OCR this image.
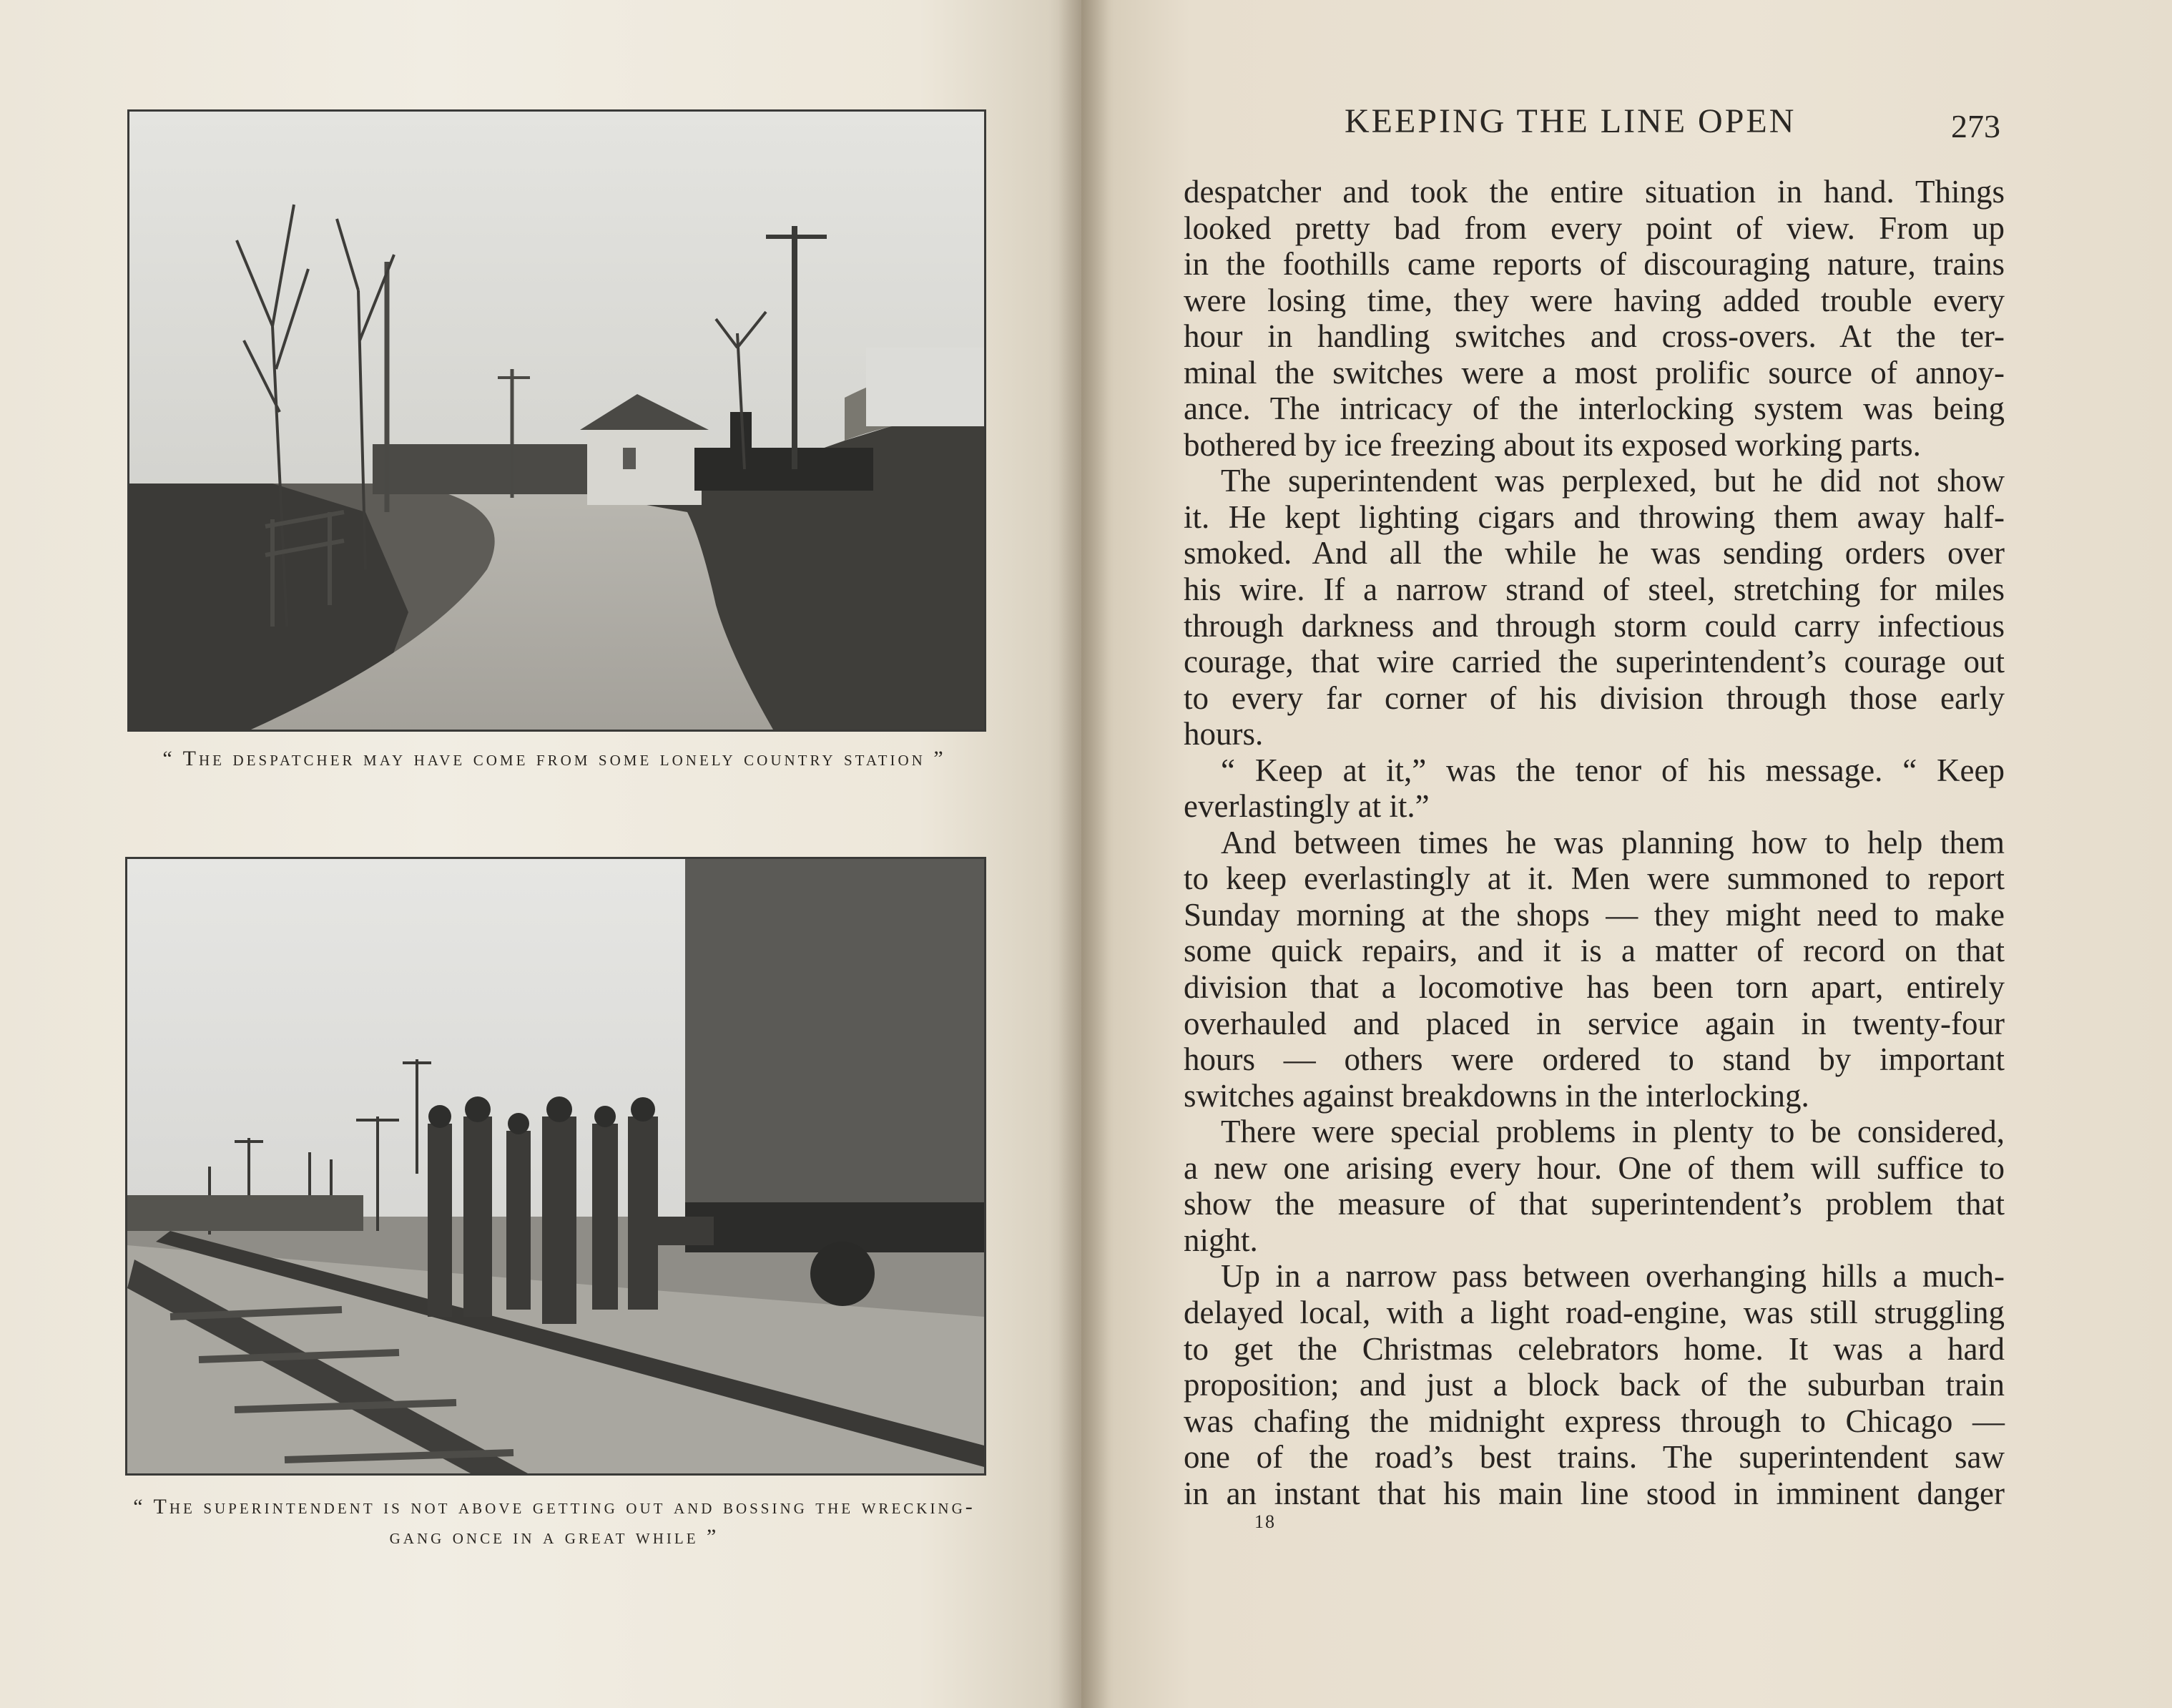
“ The despatcher may have come from some lonely country station ”
“ The superintendent is not above getting out and bossing the wrecking-gang once in a great while ”
KEEPING THE LINE OPEN	273
despatcher and took the entire situation in hand. Things
looked pretty bad from every point of view. From up
in the foothills came reports of discouraging nature, trains
were losing time, they were having added trouble every
hour in handling switches and cross-overs. At the ter-
minal the switches were a most prolific source of annoy-
ance. The intricacy of the interlocking system was being
bothered by ice freezing about its exposed working parts.
The superintendent was perplexed, but he did not show
it. He kept lighting cigars and throwing them away half-
smoked. And all the while he was sending orders over
his wire. If a narrow strand of steel, stretching for miles
through darkness and through storm could carry infectious
courage, that wire carried the superintendent’s courage out
to every far corner of his division through those early
hours.
“ Keep at it,” was the tenor of his message. “ Keep
everlastingly at it.”
And between times he was planning how to help them
to keep everlastingly at it. Men were summoned to report
Sunday morning at the shops — they might need to make
some quick repairs, and it is a matter of record on that
division that a locomotive has been torn apart, entirely
overhauled and placed in service again in twenty-four
hours — others were ordered to stand by important
switches against breakdowns in the interlocking.
There were special problems in plenty to be considered,
a new one arising every hour. One of them will suffice to
show the measure of that superintendent’s problem that
night.
Up in a narrow pass between overhanging hills a much-
delayed local, with a light road-engine, was still struggling
to get the Christmas celebrators home. It was a hard
proposition; and just a block back of the suburban train
was chafing the midnight express through to Chicago —
one of the road’s best trains. The superintendent saw
in an instant that his main line stood in imminent danger
18
